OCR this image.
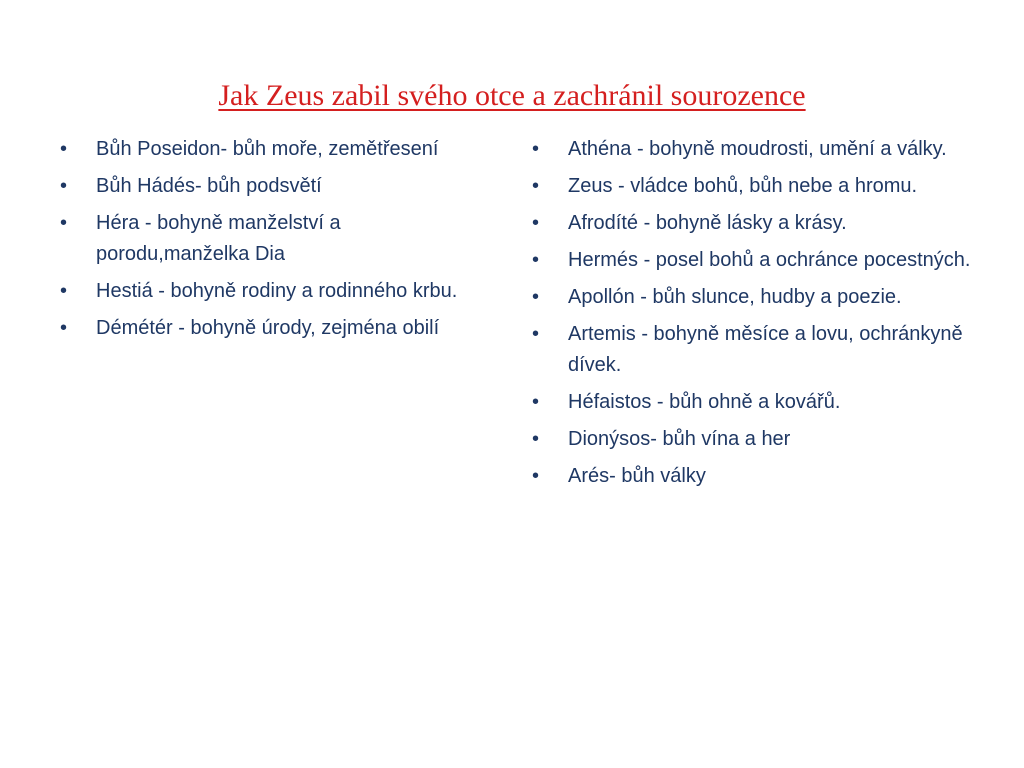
Jak Zeus zabil svého otce a zachránil sourozence
•	Bůh Poseidon- bůh moře, zemětřesení
•	Bůh Hádés- bůh podsvětí
•	Héra - bohyně manželství a porodu,manželka Dia
•	Hestiá - bohyně rodiny a rodinného krbu.
•	Démétér - bohyně úrody, zejména obilí
•	Athéna - bohyně moudrosti, umění a války.
•	Zeus - vládce bohů, bůh nebe a hromu.
•	Afrodíté - bohyně lásky a krásy.
•	Hermés - posel bohů a ochránce pocestných.
•	Apollón - bůh slunce, hudby a poezie.
•	Artemis - bohyně měsíce a lovu, ochránkyně dívek.
•	Héfaistos - bůh ohně a kovářů.
•	Dionýsos- bůh vína a her
•	Arés- bůh války
